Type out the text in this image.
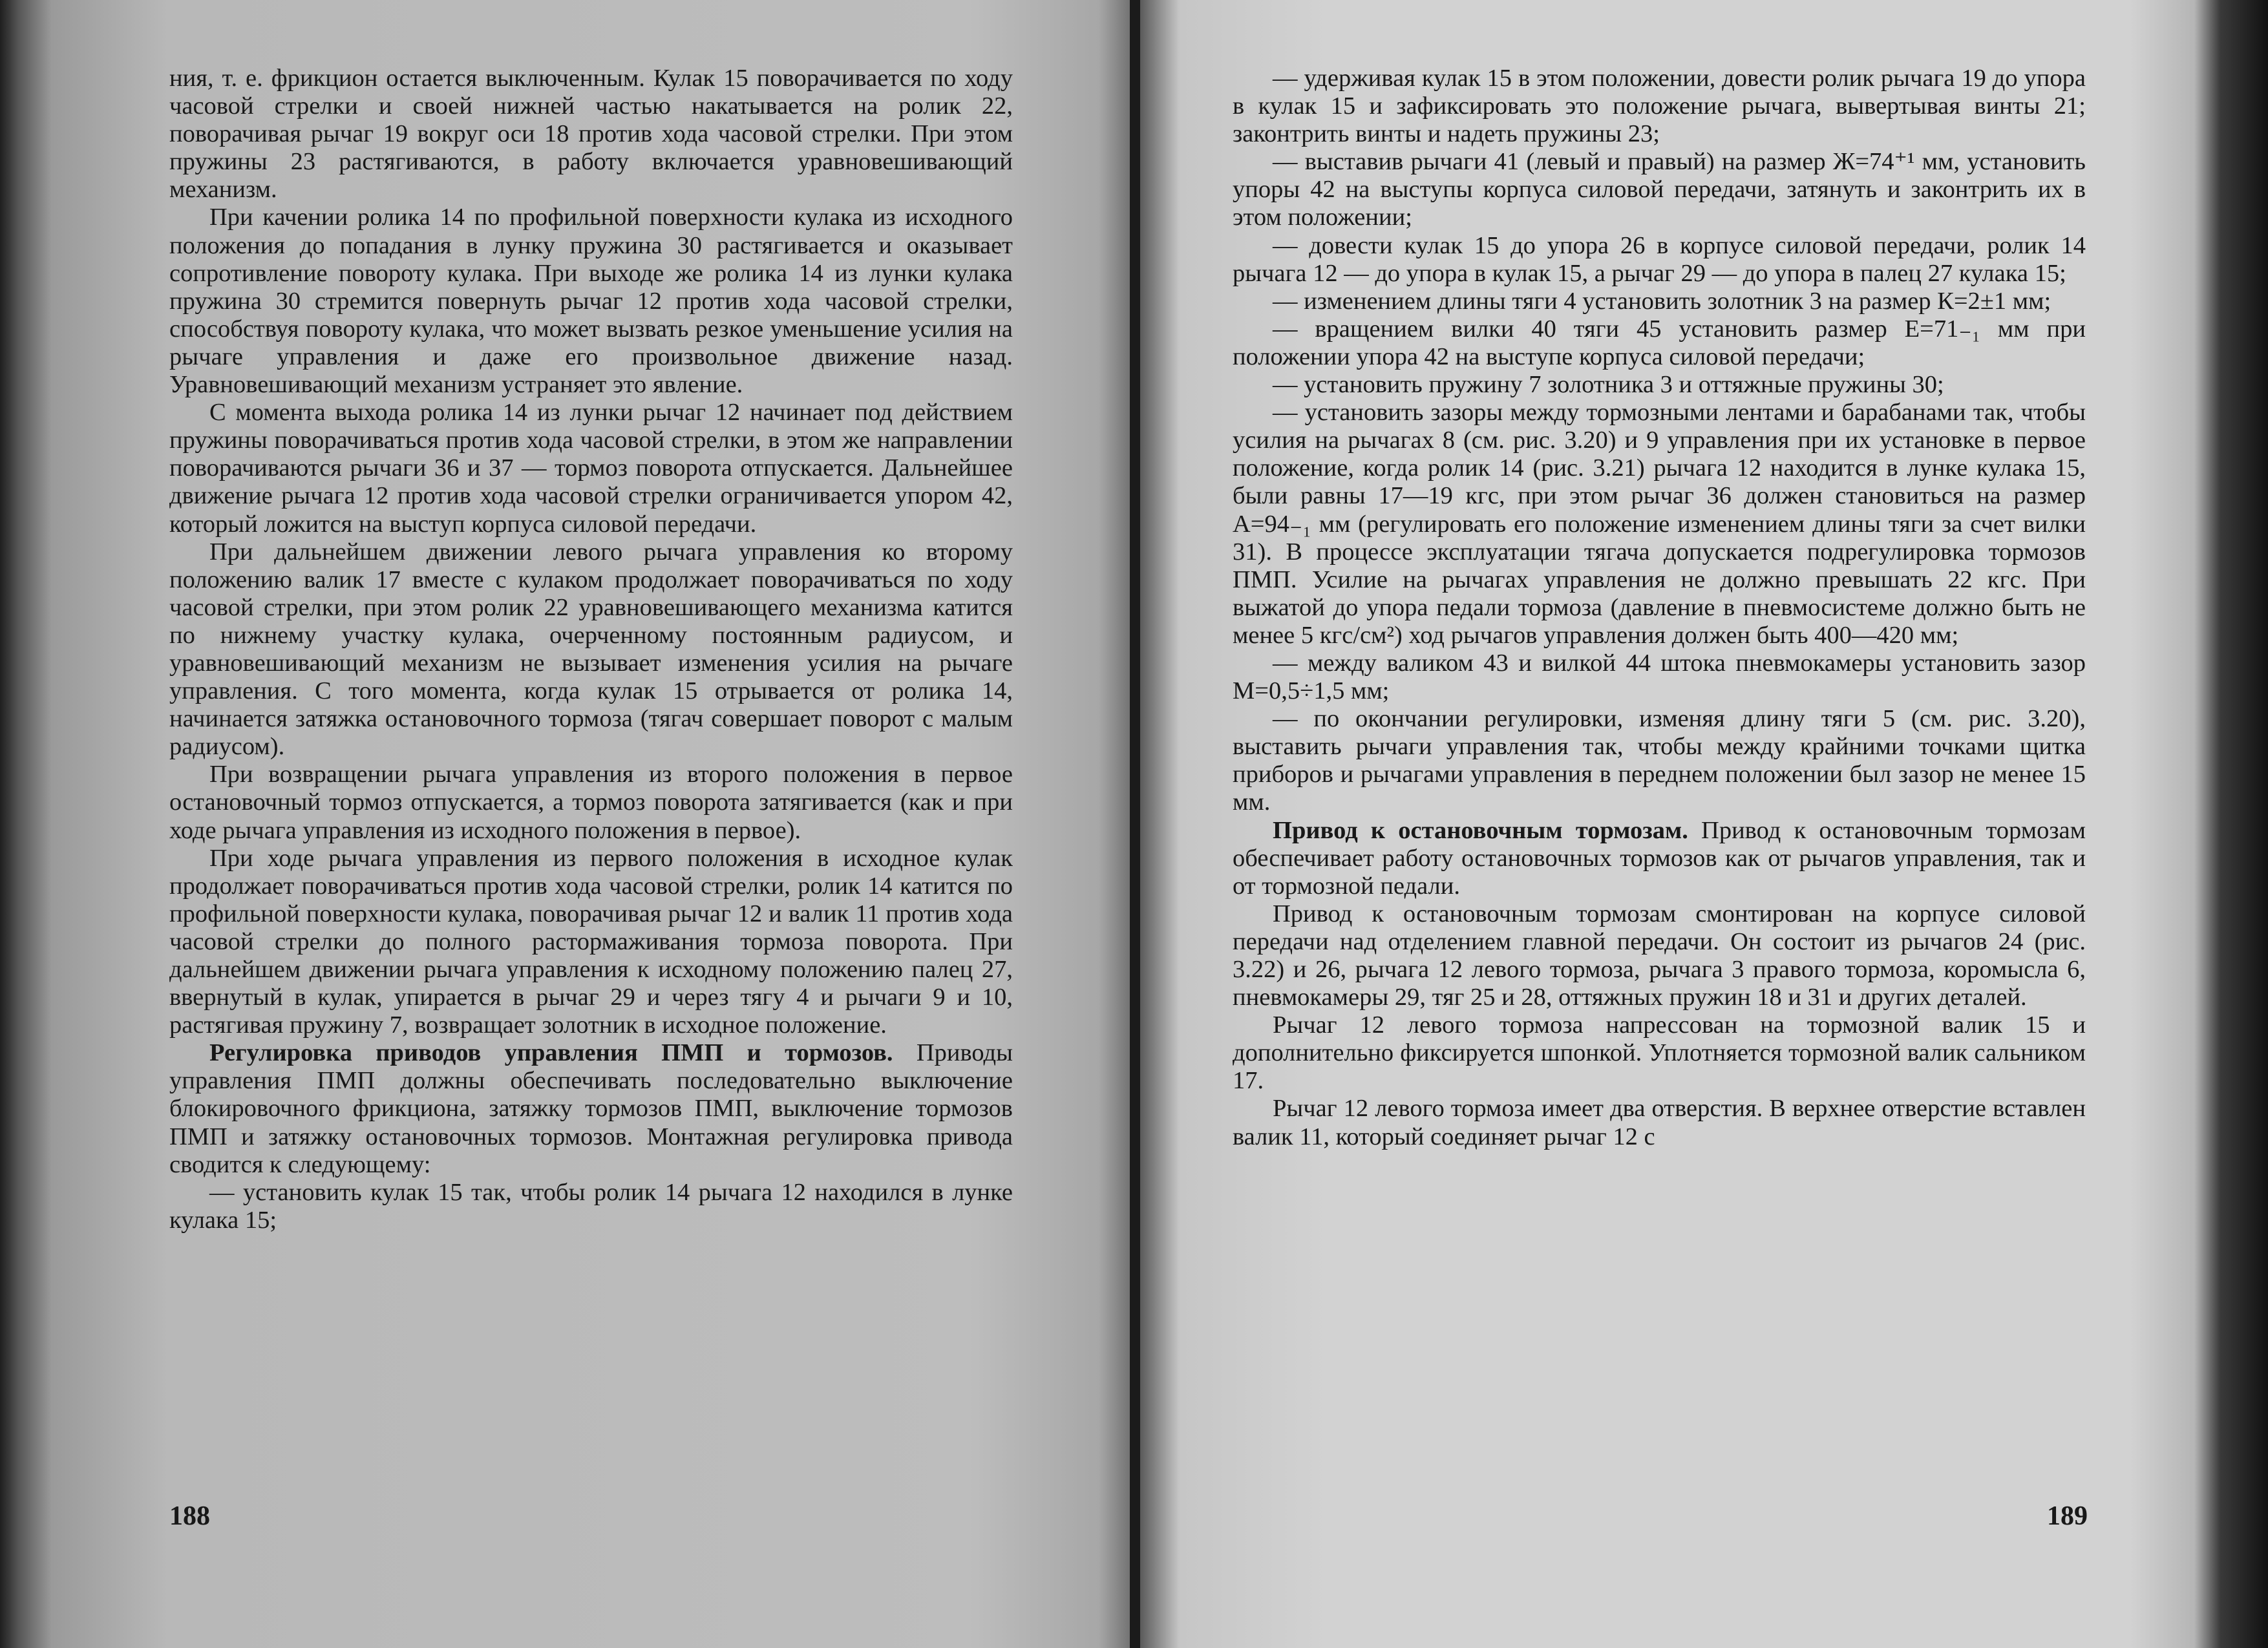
ния, т. е. фрикцион остается выключенным. Кулак 15 поворачивается по ходу часовой стрелки и своей нижней частью накатывается на ролик 22, поворачивая рычаг 19 вокруг оси 18 против хода часовой стрелки. При этом пружины 23 растягиваются, в работу включается уравновешивающий механизм.

При качении ролика 14 по профильной поверхности кулака из исходного положения до попадания в лунку пружина 30 растягивается и оказывает сопротивление повороту кулака. При выходе же ролика 14 из лунки кулака пружина 30 стремится повернуть рычаг 12 против хода часовой стрелки, способствуя повороту кулака, что может вызвать резкое уменьшение усилия на рычаге управления и даже его произвольное движение назад. Уравновешивающий механизм устраняет это явление.

С момента выхода ролика 14 из лунки рычаг 12 начинает под действием пружины поворачиваться против хода часовой стрелки, в этом же направлении поворачиваются рычаги 36 и 37 — тормоз поворота отпускается. Дальнейшее движение рычага 12 против хода часовой стрелки ограничивается упором 42, который ложится на выступ корпуса силовой передачи.

При дальнейшем движении левого рычага управления ко второму положению валик 17 вместе с кулаком продолжает поворачиваться по ходу часовой стрелки, при этом ролик 22 уравновешивающего механизма катится по нижнему участку кулака, очерченному постоянным радиусом, и уравновешивающий механизм не вызывает изменения усилия на рычаге управления. С того момента, когда кулак 15 отрывается от ролика 14, начинается затяжка остановочного тормоза (тягач совершает поворот с малым радиусом).

При возвращении рычага управления из второго положения в первое остановочный тормоз отпускается, а тормоз поворота затягивается (как и при ходе рычага управления из исходного положения в первое).

При ходе рычага управления из первого положения в исходное кулак продолжает поворачиваться против хода часовой стрелки, ролик 14 катится по профильной поверхности кулака, поворачивая рычаг 12 и валик 11 против хода часовой стрелки до полного растормаживания тормоза поворота. При дальнейшем движении рычага управления к исходному положению палец 27, ввернутый в кулак, упирается в рычаг 29 и через тягу 4 и рычаги 9 и 10, растягивая пружину 7, возвращает золотник в исходное положение.

Регулировка приводов управления ПМП и тормозов. Приводы управления ПМП должны обеспечивать последовательно выключение блокировочного фрикциона, затяжку тормозов ПМП, выключение тормозов ПМП и затяжку остановочных тормозов. Монтажная регулировка привода сводится к следующему:

— установить кулак 15 так, чтобы ролик 14 рычага 12 находился в лунке кулака 15;

188

— удерживая кулак 15 в этом положении, довести ролик рычага 19 до упора в кулак 15 и зафиксировать это положение рычага, вывертывая винты 21; законтрить винты и надеть пружины 23;

— выставив рычаги 41 (левый и правый) на размер Ж=74⁺¹ мм, установить упоры 42 на выступы корпуса силовой передачи, затянуть и законтрить их в этом положении;

— довести кулак 15 до упора 26 в корпусе силовой передачи, ролик 14 рычага 12 — до упора в кулак 15, а рычаг 29 — до упора в палец 27 кулака 15;

— изменением длины тяги 4 установить золотник 3 на размер К=2±1 мм;

— вращением вилки 40 тяги 45 установить размер Е=71₋₁ мм при положении упора 42 на выступе корпуса силовой передачи;

— установить пружину 7 золотника 3 и оттяжные пружины 30;

— установить зазоры между тормозными лентами и барабанами так, чтобы усилия на рычагах 8 (см. рис. 3.20) и 9 управления при их установке в первое положение, когда ролик 14 (рис. 3.21) рычага 12 находится в лунке кулака 15, были равны 17—19 кгс, при этом рычаг 36 должен становиться на размер А=94₋₁ мм (регулировать его положение изменением длины тяги за счет вилки 31). В процессе эксплуатации тягача допускается подрегулировка тормозов ПМП. Усилие на рычагах управления не должно превышать 22 кгс. При выжатой до упора педали тормоза (давление в пневмосистеме должно быть не менее 5 кгс/см²) ход рычагов управления должен быть 400—420 мм;

— между валиком 43 и вилкой 44 штока пневмокамеры установить зазор М=0,5÷1,5 мм;

— по окончании регулировки, изменяя длину тяги 5 (см. рис. 3.20), выставить рычаги управления так, чтобы между крайними точками щитка приборов и рычагами управления в переднем положении был зазор не менее 15 мм.

Привод к остановочным тормозам. Привод к остановочным тормозам обеспечивает работу остановочных тормозов как от рычагов управления, так и от тормозной педали.

Привод к остановочным тормозам смонтирован на корпусе силовой передачи над отделением главной передачи. Он состоит из рычагов 24 (рис. 3.22) и 26, рычага 12 левого тормоза, рычага 3 правого тормоза, коромысла 6, пневмокамеры 29, тяг 25 и 28, оттяжных пружин 18 и 31 и других деталей.

Рычаг 12 левого тормоза напрессован на тормозной валик 15 и дополнительно фиксируется шпонкой. Уплотняется тормозной валик сальником 17.

Рычаг 12 левого тормоза имеет два отверстия. В верхнее отверстие вставлен валик 11, который соединяет рычаг 12 с

189
